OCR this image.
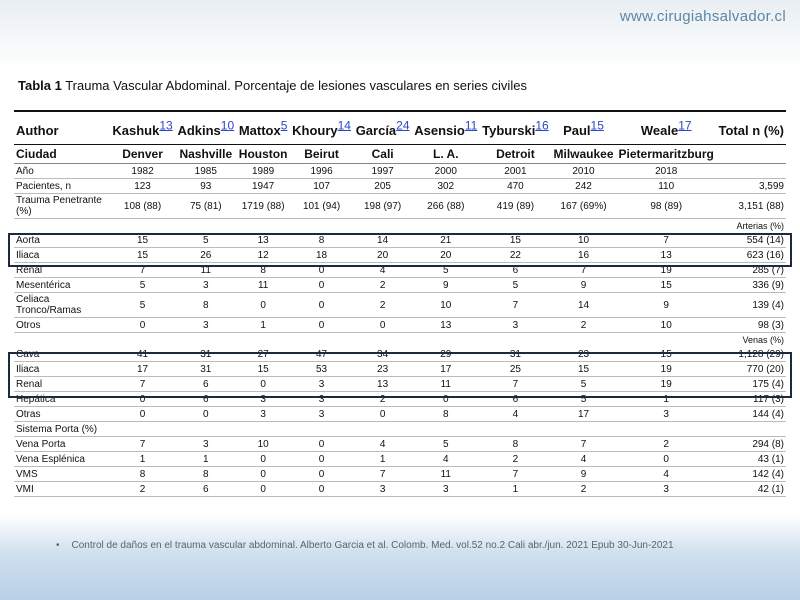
www.cirugiahsalvador.cl
Tabla 1 Trauma Vascular Abdominal. Porcentaje de lesiones vasculares en series civiles
Author	Kashuk13	Adkins10	Mattox5	Khoury14	García24	Asensio11	Tyburski16	Paul15	Weale17	Total n (%)
Ciudad	Denver	Nashville	Houston	Beirut	Cali	L. A.	Detroit	Milwaukee	Pietermaritzburg	
Año	1982	1985	1989	1996	1997	2000	2001	2010	2018	
Pacientes, n	123	93	1947	107	205	302	470	242	110	3,599
Trauma Penetrante (%)	108 (88)	75 (81)	1719 (88)	101 (94)	198 (97)	266 (88)	419 (89)	167 (69%)	98 (89)	3,151 (88)
Arterias (%)										
Aorta	15	5	13	8	14	21	15	10	7	554 (14)
Iliaca	15	26	12	18	20	20	22	16	13	623 (16)
Renal	7	11	8	0	4	5	6	7	19	285 (7)
Mesentérica	5	3	11	0	2	9	5	9	15	336 (9)
Celiaca Tronco/Ramas	5	8	0	0	2	10	7	14	9	139 (4)
Otros	0	3	1	0	0	13	3	2	10	98 (3)
Venas (%)										
Cava	41	31	27	47	34	29	31	23	15	1,128 (29)
Iliaca	17	31	15	53	23	17	25	15	19	770 (20)
Renal	7	6	0	3	13	11	7	5	19	175 (4)
Hepática	0	6	3	3	2	0	6	5	1	117 (3)
Otras	0	0	3	3	0	8	4	17	3	144 (4)
Sistema Porta (%)										
Vena Porta	7	3	10	0	4	5	8	7	2	294 (8)
Vena Esplénica	1	1	0	0	1	4	2	4	0	43 (1)
VMS	8	8	0	0	7	11	7	9	4	142 (4)
VMI	2	6	0	0	3	3	1	2	3	42 (1)
• Control de daños en el trauma vascular abdominal. Alberto Garcia et al. Colomb. Med. vol.52 no.2 Cali abr./jun. 2021 Epub 30-Jun-2021
